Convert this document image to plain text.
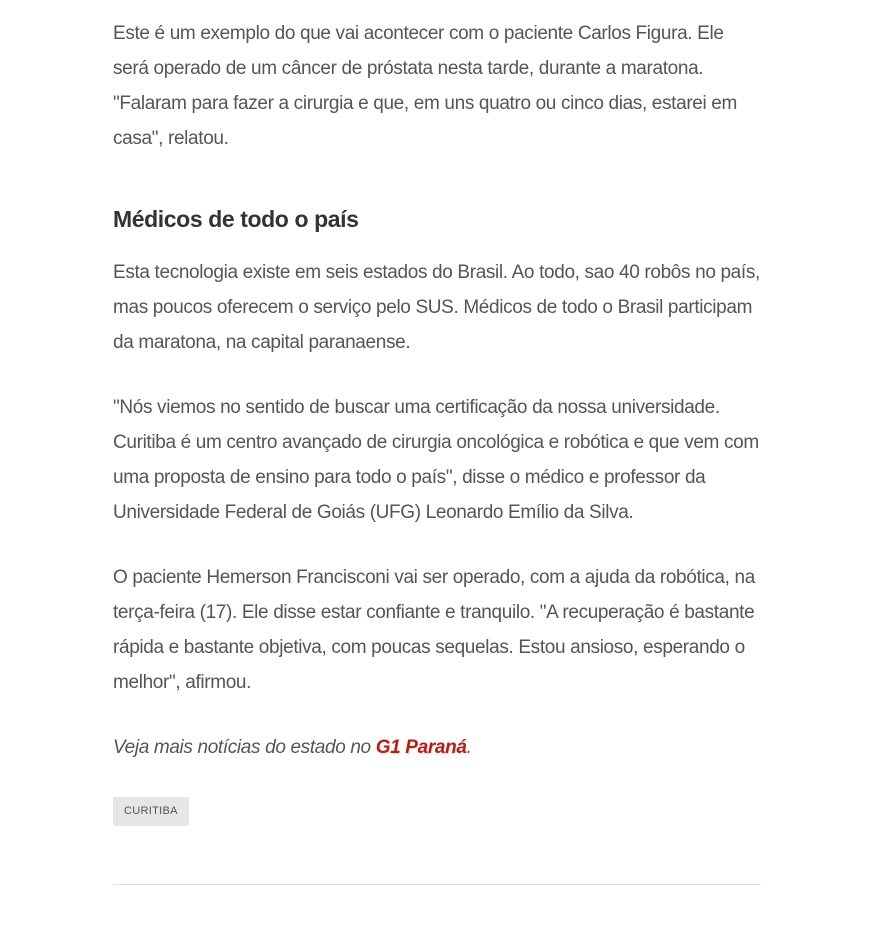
Este é um exemplo do que vai acontecer com o paciente Carlos Figura. Ele será operado de um câncer de próstata nesta tarde, durante a maratona. "Falaram para fazer a cirurgia e que, em uns quatro ou cinco dias, estarei em casa", relatou.

Médicos de todo o país

Esta tecnologia existe em seis estados do Brasil. Ao todo, sao 40 robôs no país, mas poucos oferecem o serviço pelo SUS. Médicos de todo o Brasil participam da maratona, na capital paranaense.

"Nós viemos no sentido de buscar uma certificação da nossa universidade. Curitiba é um centro avançado de cirurgia oncológica e robótica e que vem com uma proposta de ensino para todo o país", disse o médico e professor da Universidade Federal de Goiás (UFG) Leonardo Emílio da Silva.

O paciente Hemerson Francisconi vai ser operado, com a ajuda da robótica, na terça-feira (17). Ele disse estar confiante e tranquilo. "A recuperação é bastante rápida e bastante objetiva, com poucas sequelas. Estou ansioso, esperando o melhor", afirmou.

Veja mais notícias do estado no G1 Paraná.

CURITIBA
